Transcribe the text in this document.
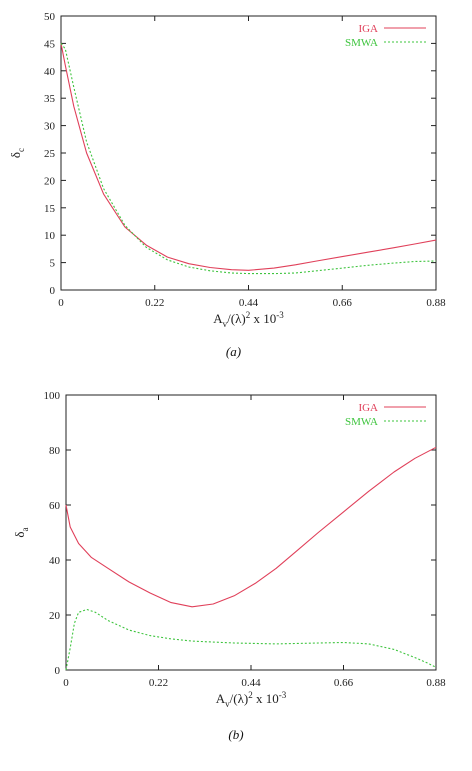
0
5
10
15
20
25
30
35
40
45
50
0	0.22	0.44	0.66	0.88
$A_v/(\lambda)^2$ x $10^{-3}$
$\delta_c$
IGA
SMWA
(a)
0
20
40
60
80
100
0	0.22	0.44	0.66	0.88
$A_v/(\lambda)^2$ x $10^{-3}$
$\delta_a$
IGA
SMWA
(b)
